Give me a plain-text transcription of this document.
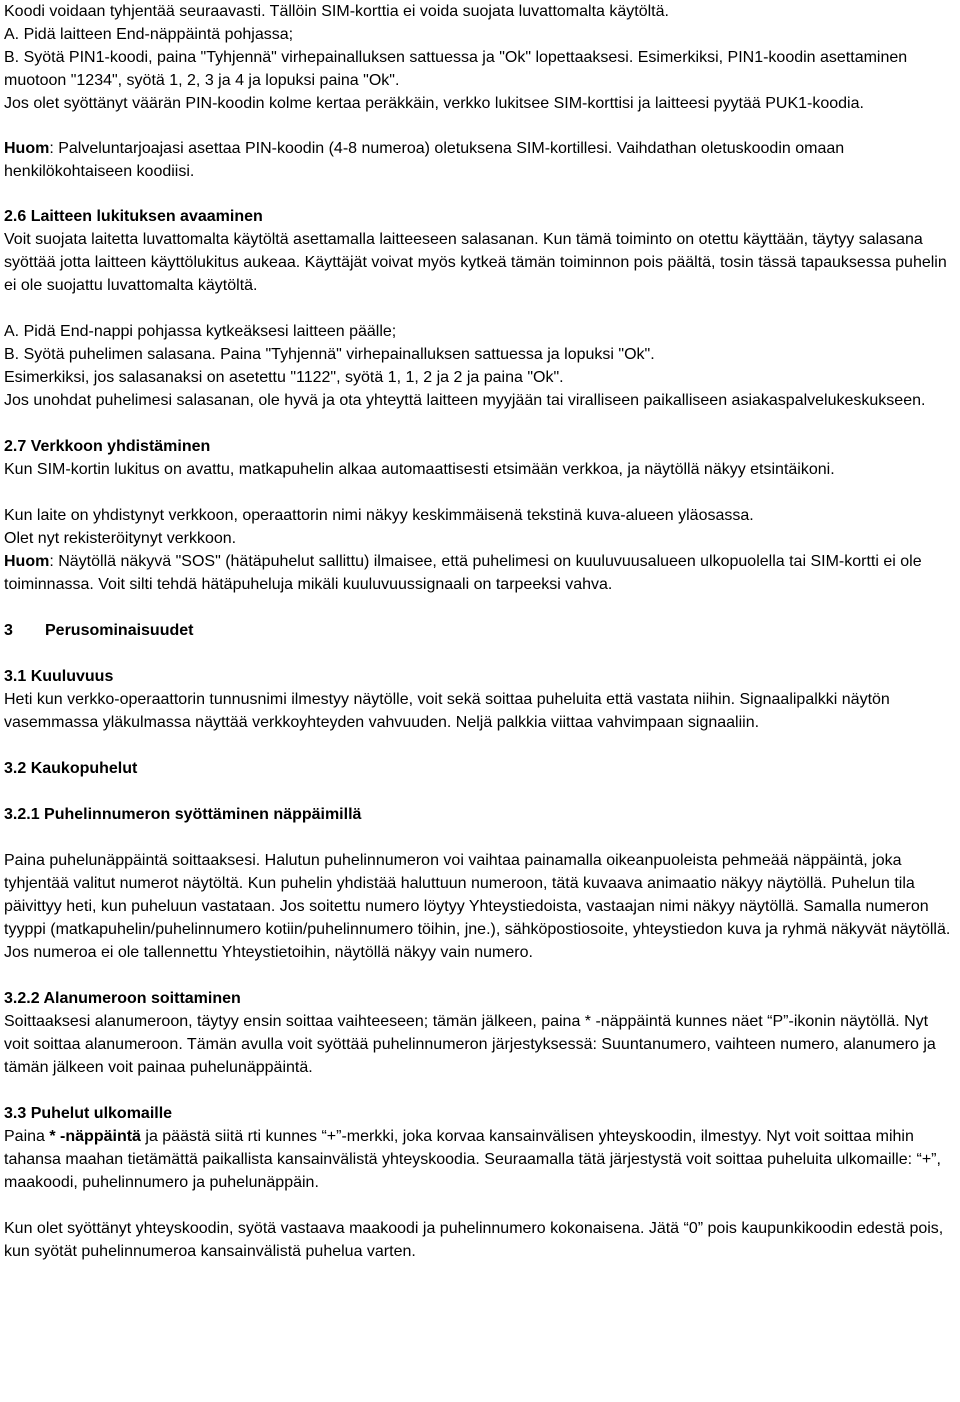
Koodi voidaan tyhjentää seuraavasti. Tällöin SIM-korttia ei voida suojata luvattomalta käytöltä.

A. Pidä laitteen End-näppäintä pohjassa;

B. Syötä PIN1-koodi, paina "Tyhjennä" virhepainalluksen sattuessa ja "Ok" lopettaaksesi. Esimerkiksi, PIN1-koodin asettaminen muotoon "1234", syötä 1, 2, 3 ja 4 ja lopuksi paina "Ok".

Jos olet syöttänyt väärän PIN-koodin kolme kertaa peräkkäin, verkko lukitsee SIM-korttisi ja laitteesi pyytää PUK1-koodia.

Huom: Palveluntarjoajasi asettaa PIN-koodin (4-8 numeroa) oletuksena SIM-kortillesi. Vaihdathan oletuskoodin omaan henkilökohtaiseen koodiisi.

2.6 Laitteen lukituksen avaaminen

Voit suojata laitetta luvattomalta käytöltä asettamalla laitteeseen salasanan. Kun tämä toiminto on otettu käyttään, täytyy salasana syöttää jotta laitteen käyttölukitus aukeaa. Käyttäjät voivat myös kytkeä tämän toiminnon pois päältä, tosin tässä tapauksessa puhelin ei ole suojattu luvattomalta käytöltä.

A. Pidä End-nappi pohjassa kytkeäksesi laitteen päälle;

B. Syötä puhelimen salasana. Paina "Tyhjennä" virhepainalluksen sattuessa ja lopuksi "Ok".

Esimerkiksi, jos salasanaksi on asetettu "1122", syötä 1, 1, 2 ja 2 ja paina "Ok".

Jos unohdat puhelimesi salasanan, ole hyvä ja ota yhteyttä laitteen myyjään tai viralliseen paikalliseen asiakaspalvelukeskukseen.

2.7 Verkkoon yhdistäminen

Kun SIM-kortin lukitus on avattu, matkapuhelin alkaa automaattisesti etsimään verkkoa, ja näytöllä näkyy etsintäikoni.

Kun laite on yhdistynyt verkkoon, operaattorin nimi näkyy keskimmäisenä tekstinä kuva-alueen yläosassa.

Olet nyt rekisteröitynyt verkkoon.

Huom: Näytöllä näkyvä "SOS" (hätäpuhelut sallittu) ilmaisee, että puhelimesi on kuuluvuusalueen ulkopuolella tai SIM-kortti ei ole toiminnassa. Voit silti tehdä hätäpuheluja mikäli kuuluvuussignaali on tarpeeksi vahva.

3	Perusominaisuudet

3.1 Kuuluvuus

Heti kun verkko-operaattorin tunnusnimi ilmestyy näytölle, voit sekä soittaa puheluita että vastata niihin. Signaalipalkki näytön vasemmassa yläkulmassa näyttää verkkoyhteyden vahvuuden. Neljä palkkia viittaa vahvimpaan signaaliin.

3.2 Kaukopuhelut

3.2.1 Puhelinnumeron syöttäminen näppäimillä

Paina puhelunäppäintä soittaaksesi. Halutun puhelinnumeron voi vaihtaa painamalla oikeanpuoleista pehmeää näppäintä, joka tyhjentää valitut numerot näytöltä. Kun puhelin yhdistää haluttuun numeroon, tätä kuvaava animaatio näkyy näytöllä. Puhelun tila päivittyy heti, kun puheluun vastataan. Jos soitettu numero löytyy Yhteystiedoista, vastaajan nimi näkyy näytöllä. Samalla numeron tyyppi (matkapuhelin/puhelinnumero kotiin/puhelinnumero töihin, jne.), sähköpostiosoite, yhteystiedon kuva ja ryhmä näkyvät näytöllä. Jos numeroa ei ole tallennettu Yhteystietoihin, näytöllä näkyy vain numero.

3.2.2 Alanumeroon soittaminen

Soittaaksesi alanumeroon, täytyy ensin soittaa vaihteeseen; tämän jälkeen, paina * -näppäintä kunnes näet “P”-ikonin näytöllä. Nyt voit soittaa alanumeroon. Tämän avulla voit syöttää puhelinnumeron järjestyksessä: Suuntanumero, vaihteen numero, alanumero ja tämän jälkeen voit painaa puhelunäppäintä.

3.3 Puhelut ulkomaille

Paina * -näppäintä ja päästä siitä rti kunnes “+”-merkki, joka korvaa kansainvälisen yhteyskoodin, ilmestyy. Nyt voit soittaa mihin tahansa maahan tietämättä paikallista kansainvälistä yhteyskoodia. Seuraamalla tätä järjestystä voit soittaa puheluita ulkomaille: “+”, maakoodi, puhelinnumero ja puhelunäppäin.

Kun olet syöttänyt yhteyskoodin, syötä vastaava maakoodi ja puhelinnumero kokonaisena. Jätä “0” pois kaupunkikoodin edestä pois, kun syötät puhelinnumeroa kansainvälistä puhelua varten.
